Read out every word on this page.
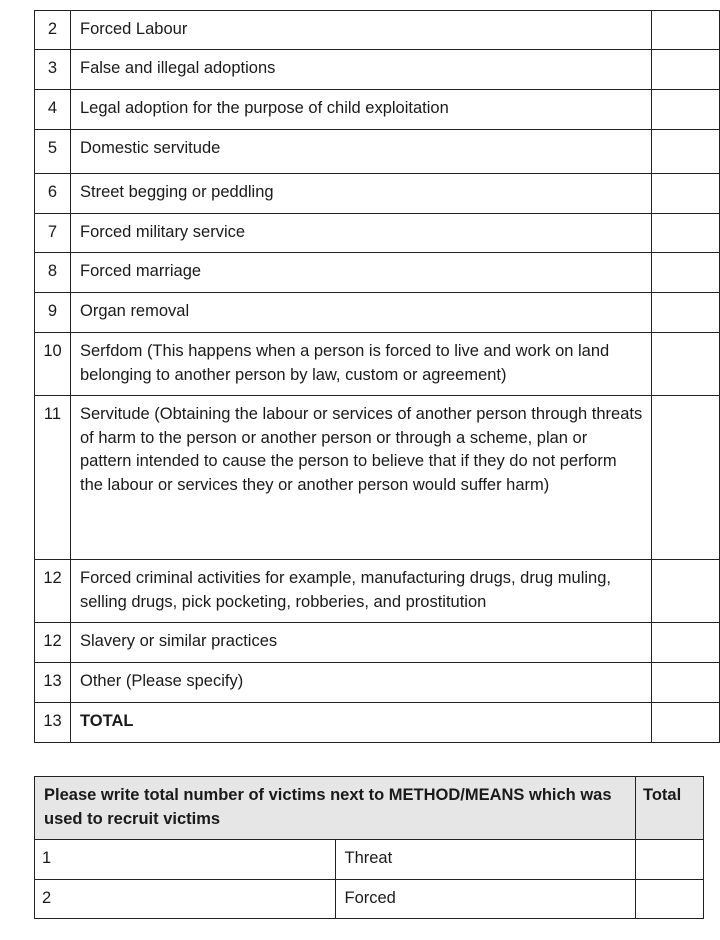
2	Forced Labour	
3	False and illegal adoptions	
4	Legal adoption for the purpose of child exploitation	
5	Domestic servitude	
6	Street begging or peddling	
7	Forced military service	
8	Forced marriage	
9	Organ removal	
10	Serfdom (This happens when a person is forced to live and work on land belonging to another person by law, custom or agreement)	
11	Servitude (Obtaining the labour or services of another person through threats of harm to the person or another person or through a scheme, plan or pattern intended to cause the person to believe that if they do not perform the labour or services they or another person would suffer harm)	
12	Forced criminal activities for example, manufacturing drugs, drug muling, selling drugs, pick pocketing, robberies, and prostitution	
12	Slavery or similar practices	
13	Other (Please specify)	
13	TOTAL	
Please write total number of victims next to METHOD/MEANS which was used to recruit victims		Total
1	Threat	
2	Forced	
